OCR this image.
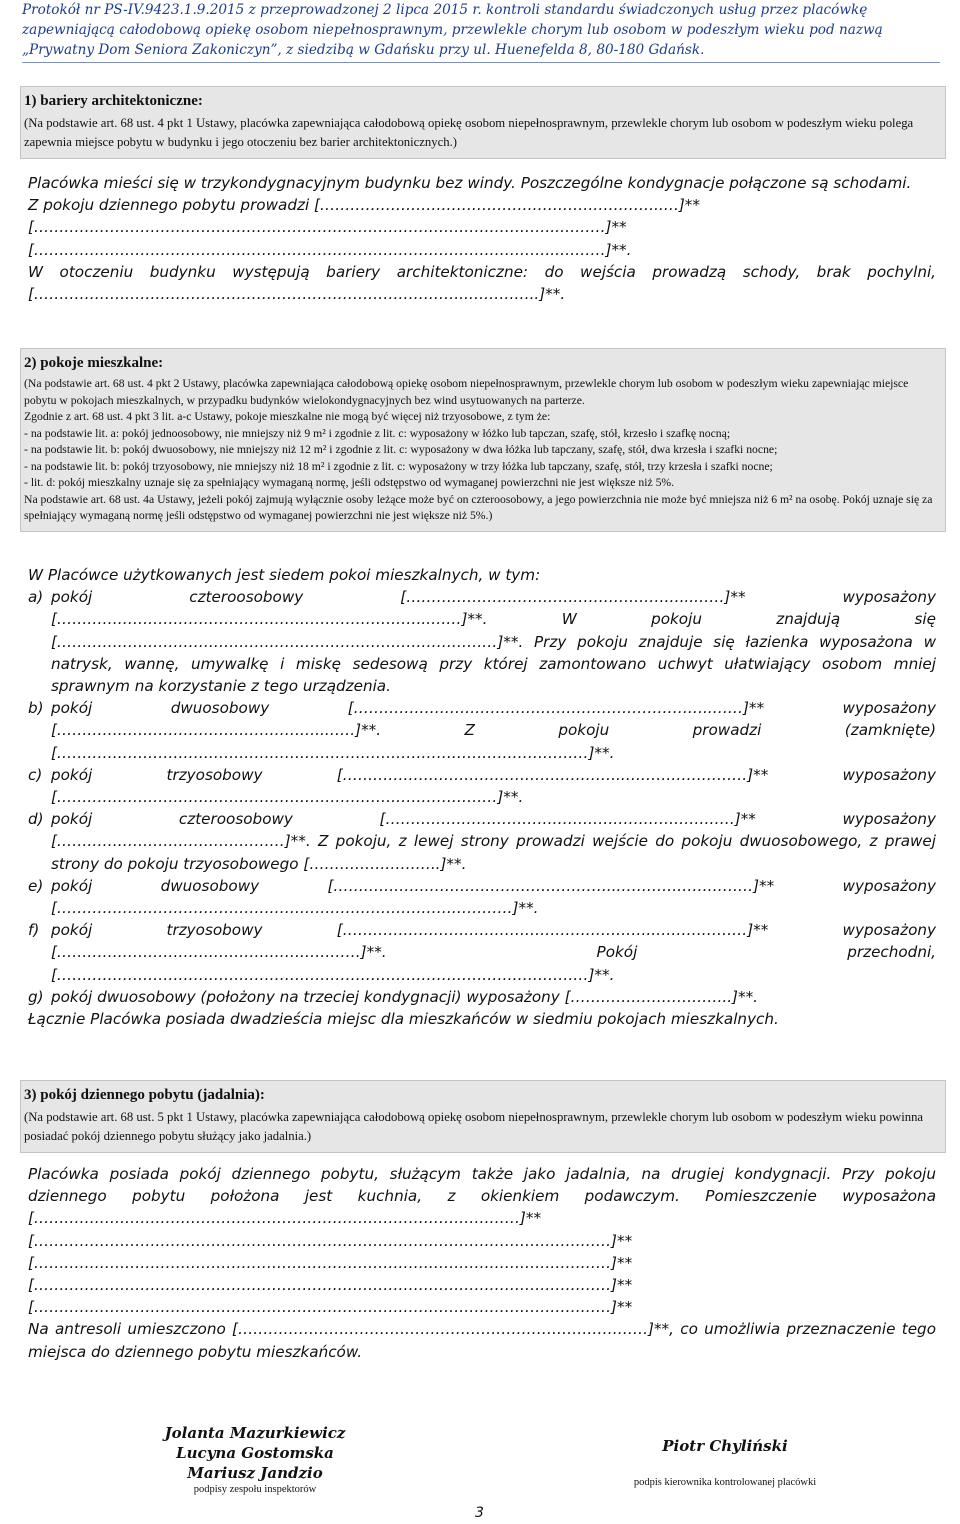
Protokół nr PS-IV.9423.1.9.2015 z przeprowadzonej 2 lipca 2015 r. kontroli standardu świadczonych usług przez placówkę zapewniającą całodobową opiekę osobom niepełnosprawnym, przewlekle chorym lub osobom w podeszłym wieku pod nazwą „Prywatny Dom Seniora Zakoniczyn”, z siedzibą w Gdańsku przy ul. Huenefelda 8, 80-180 Gdańsk.
1) bariery architektoniczne:
(Na podstawie art. 68 ust. 4 pkt 1 Ustawy, placówka zapewniająca całodobową opiekę osobom niepełnosprawnym, przewlekle chorym lub osobom w podeszłym wieku polega zapewnia miejsce pobytu w budynku i jego otoczeniu bez barier architektonicznych.)

Placówka mieści się w trzykondygnacyjnym budynku bez windy. Poszczególne kondygnacje połączone są schodami.

Z pokoju dziennego pobytu prowadzi […………………………………………………………..…]**

[…………………………………………………………………………………………..………]**

[…………………………………………………………………………………………..………]**.

W otoczeniu budynku występują bariery architektoniczne: do wejścia prowadzą schody, brak pochylni, […………………………………………………………………………..…………..]**.

2) pokoje mieszkalne:

(Na podstawie art. 68 ust. 4 pkt 2 Ustawy, placówka zapewniająca całodobową opiekę osobom niepełnosprawnym, przewlekle chorym lub osobom w podeszłym wieku zapewniając miejsce pobytu w pokojach mieszkalnych, w przypadku budynków wielokondygnacyjnych bez wind usytuowanych na parterze.

Zgodnie z art. 68 ust. 4 pkt 3 lit. a-c Ustawy, pokoje mieszkalne nie mogą być więcej niż trzyosobowe, z tym że:

- na podstawie lit. a: pokój jednoosobowy, nie mniejszy niż 9 m² i zgodnie z lit. c: wyposażony w łóżko lub tapczan, szafę, stół, krzesło i szafkę nocną;

- na podstawie lit. b: pokój dwuosobowy, nie mniejszy niż 12 m² i zgodnie z lit. c: wyposażony w dwa łóżka lub tapczany, szafę, stół, dwa krzesła i szafki nocne;

- na podstawie lit. b: pokój trzyosobowy, nie mniejszy niż 18 m² i zgodnie z lit. c: wyposażony w trzy łóżka lub tapczany, szafę, stół, trzy krzesła i szafki nocne;

- lit. d: pokój mieszkalny uznaje się za spełniający wymaganą normę, jeśli odstępstwo od wymaganej powierzchni nie jest większe niż 5%.

Na podstawie art. 68 ust. 4a Ustawy, jeżeli pokój zajmują wyłącznie osoby leżące może być on czteroosobowy, a jego powierzchnia nie może być mniejsza niż 6 m² na osobę. Pokój uznaje się za spełniający wymaganą normę jeśli odstępstwo od wymaganej powierzchni nie jest większe niż 5%.)

W Placówce użytkowanych jest siedem pokoi mieszkalnych, w tym:

a) pokój czteroosobowy [………………………………………………...……]** wyposażony [………………………………………………………………..……]**. W pokoju znajdują się [……………………………………………………………………………]**. Przy pokoju znajduje się łazienka wyposażona w natrysk, wannę, umywalkę i miskę sedesową przy której zamontowano uchwyt ułatwiający osobom mniej sprawnym na korzystanie z tego urządzenia.
b) pokój dwuosobowy [……………………………………………………………..……]** wyposażony [……………………………………………..……]**. Z pokoju prowadzi (zamknięte) [……………………………………………………………………………………………]**.
c) pokój trzyosobowy [………………………………………………..……………………]** wyposażony [……………………………………………………………………………]**.
d) pokój czteroosobowy [……………………………………………………………]** wyposażony [………………………………………]**. Z pokoju, z lewej strony prowadzi wejście do pokoju dwuosobowego, z prawej strony do pokoju trzyosobowego [……………………..]**.
e) pokój dwuosobowy [………………………………………………..………………………]** wyposażony [………………………………………………………………………………]**.
f) pokój trzyosobowy [……………………………………………………..………………]** wyposażony [……………………………………………………]**. Pokój przechodni, [……………………………………………………………………………………………]**.
g) pokój dwuosobowy (położony na trzeciej kondygnacji) wyposażony […………………………..]**.

Łącznie Placówka posiada dwadzieścia miejsc dla mieszkańców w siedmiu pokojach mieszkalnych.

3) pokój dziennego pobytu (jadalnia):
(Na podstawie art. 68 ust. 5 pkt 1 Ustawy, placówka zapewniająca całodobową opiekę osobom niepełnosprawnym, przewlekle chorym lub osobom w podeszłym wieku powinna posiadać pokój dziennego pobytu służący jako jadalnia.)

Placówka posiada pokój dziennego pobytu, służącym także jako jadalnia, na drugiej kondygnacji. Przy pokoju dziennego pobytu położona jest kuchnia, z okienkiem podawczym. Pomieszczenie wyposażona [……………………………………………………………………………………]**

[……………………………………………………………………………………………………]**

[……………………………………………………………………………………………………]**

[……………………………………………………………………………………………………]**

[……………………………………………………………………………………………………]**

Na antresoli umieszczono [………………………………………………………………………]**, co umożliwia przeznaczenie tego miejsca do dziennego pobytu mieszkańców.

Jolanta Mazurkiewicz
Lucyna Gostomska
Mariusz Jandzio
podpisy zespołu inspektorów
Piotr Chyliński
podpis kierownika kontrolowanej placówki
3
